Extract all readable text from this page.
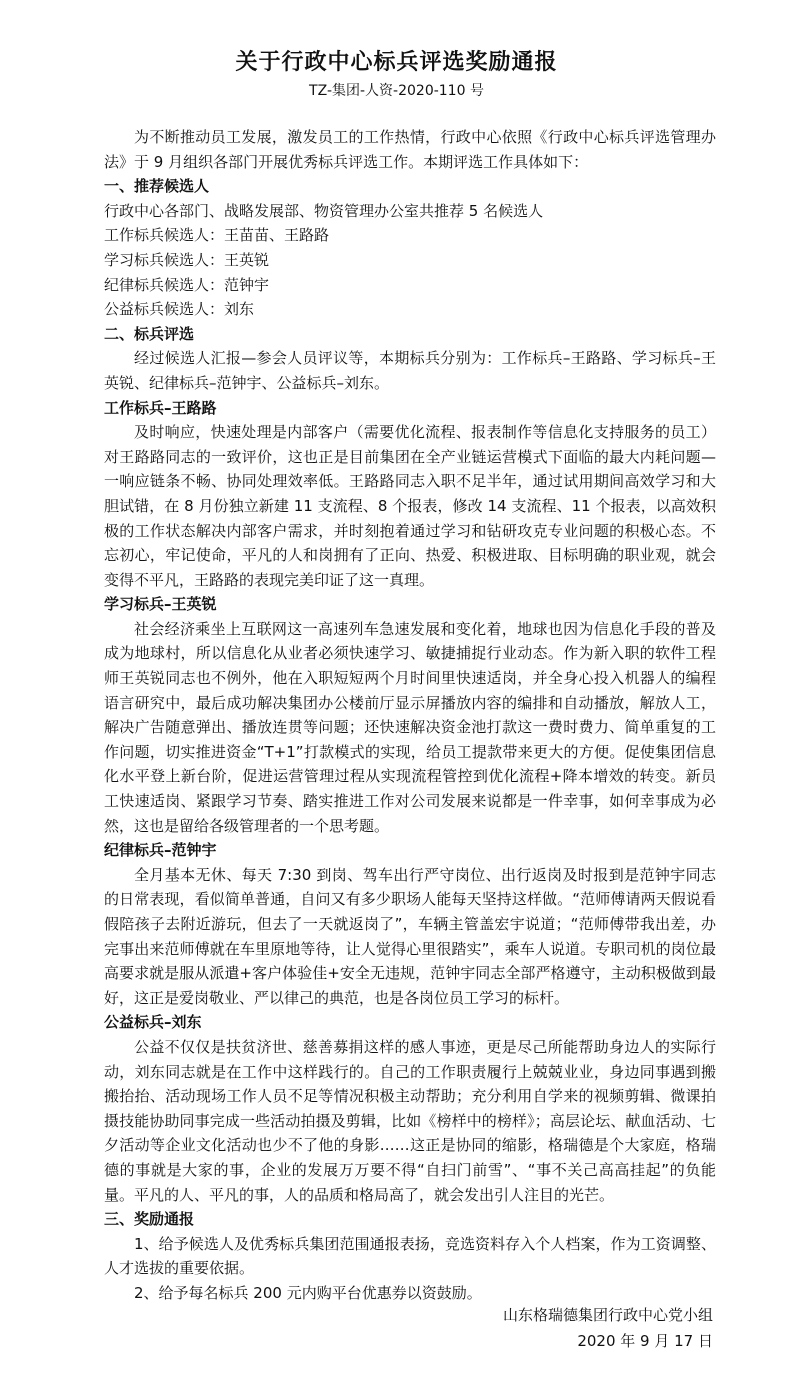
关于行政中心标兵评选奖励通报
TZ-集团-人资-2020-110 号

为不断推动员工发展，激发员工的工作热情，行政中心依照《行政中心标兵评选管理办法》于 9 月组织各部门开展优秀标兵评选工作。本期评选工作具体如下：

一、推荐候选人

行政中心各部门、战略发展部、物资管理办公室共推荐 5 名候选人

工作标兵候选人：王苗苗、王路路

学习标兵候选人：王英锐

纪律标兵候选人：范钟宇

公益标兵候选人：刘东

二、标兵评选

经过候选人汇报—参会人员评议等，本期标兵分别为：工作标兵–王路路、学习标兵–王英锐、纪律标兵–范钟宇、公益标兵–刘东。

工作标兵–王路路

及时响应，快速处理是内部客户（需要优化流程、报表制作等信息化支持服务的员工）对王路路同志的一致评价，这也正是目前集团在全产业链运营模式下面临的最大内耗问题—一响应链条不畅、协同处理效率低。王路路同志入职不足半年，通过试用期间高效学习和大胆试错，在 8 月份独立新建 11 支流程、8 个报表，修改 14 支流程、11 个报表，以高效积极的工作状态解决内部客户需求，并时刻抱着通过学习和钻研攻克专业问题的积极心态。不忘初心，牢记使命，平凡的人和岗拥有了正向、热爱、积极进取、目标明确的职业观，就会变得不平凡，王路路的表现完美印证了这一真理。

学习标兵–王英锐

社会经济乘坐上互联网这一高速列车急速发展和变化着，地球也因为信息化手段的普及成为地球村，所以信息化从业者必须快速学习、敏捷捕捉行业动态。作为新入职的软件工程师王英锐同志也不例外，他在入职短短两个月时间里快速适岗，并全身心投入机器人的编程语言研究中，最后成功解决集团办公楼前厅显示屏播放内容的编排和自动播放，解放人工，解决广告随意弹出、播放连贯等问题；还快速解决资金池打款这一费时费力、简单重复的工作问题，切实推进资金“T+1”打款模式的实现，给员工提款带来更大的方便。促使集团信息化水平登上新台阶，促进运营管理过程从实现流程管控到优化流程+降本增效的转变。新员工快速适岗、紧跟学习节奏、踏实推进工作对公司发展来说都是一件幸事，如何幸事成为必然，这也是留给各级管理者的一个思考题。

纪律标兵–范钟宇

全月基本无休、每天 7:30 到岗、驾车出行严守岗位、出行返岗及时报到是范钟宇同志的日常表现，看似简单普通，自问又有多少职场人能每天坚持这样做。“范师傅请两天假说看假陪孩子去附近游玩，但去了一天就返岗了”，车辆主管盖宏宇说道；“范师傅带我出差，办完事出来范师傅就在车里原地等待，让人觉得心里很踏实”，乘车人说道。专职司机的岗位最高要求就是服从派遣+客户体验佳+安全无违规，范钟宇同志全部严格遵守，主动积极做到最好，这正是爱岗敬业、严以律己的典范，也是各岗位员工学习的标杆。

公益标兵–刘东

公益不仅仅是扶贫济世、慈善募捐这样的感人事迹，更是尽己所能帮助身边人的实际行动，刘东同志就是在工作中这样践行的。自己的工作职责履行上兢兢业业，身边同事遇到搬搬抬抬、活动现场工作人员不足等情况积极主动帮助；充分利用自学来的视频剪辑、微课拍摄技能协助同事完成一些活动拍摄及剪辑，比如《榜样中的榜样》；高层论坛、献血活动、七夕活动等企业文化活动也少不了他的身影……这正是协同的缩影，格瑞德是个大家庭，格瑞德的事就是大家的事，企业的发展万万要不得“自扫门前雪”、“事不关己高高挂起”的负能量。平凡的人、平凡的事，人的品质和格局高了，就会发出引人注目的光芒。

三、奖励通报

1、给予候选人及优秀标兵集团范围通报表扬，竞选资料存入个人档案，作为工资调整、人才选拔的重要依据。

2、给予每名标兵 200 元内购平台优惠券以资鼓励。

山东格瑞德集团行政中心党小组
2020 年 9 月 17 日
